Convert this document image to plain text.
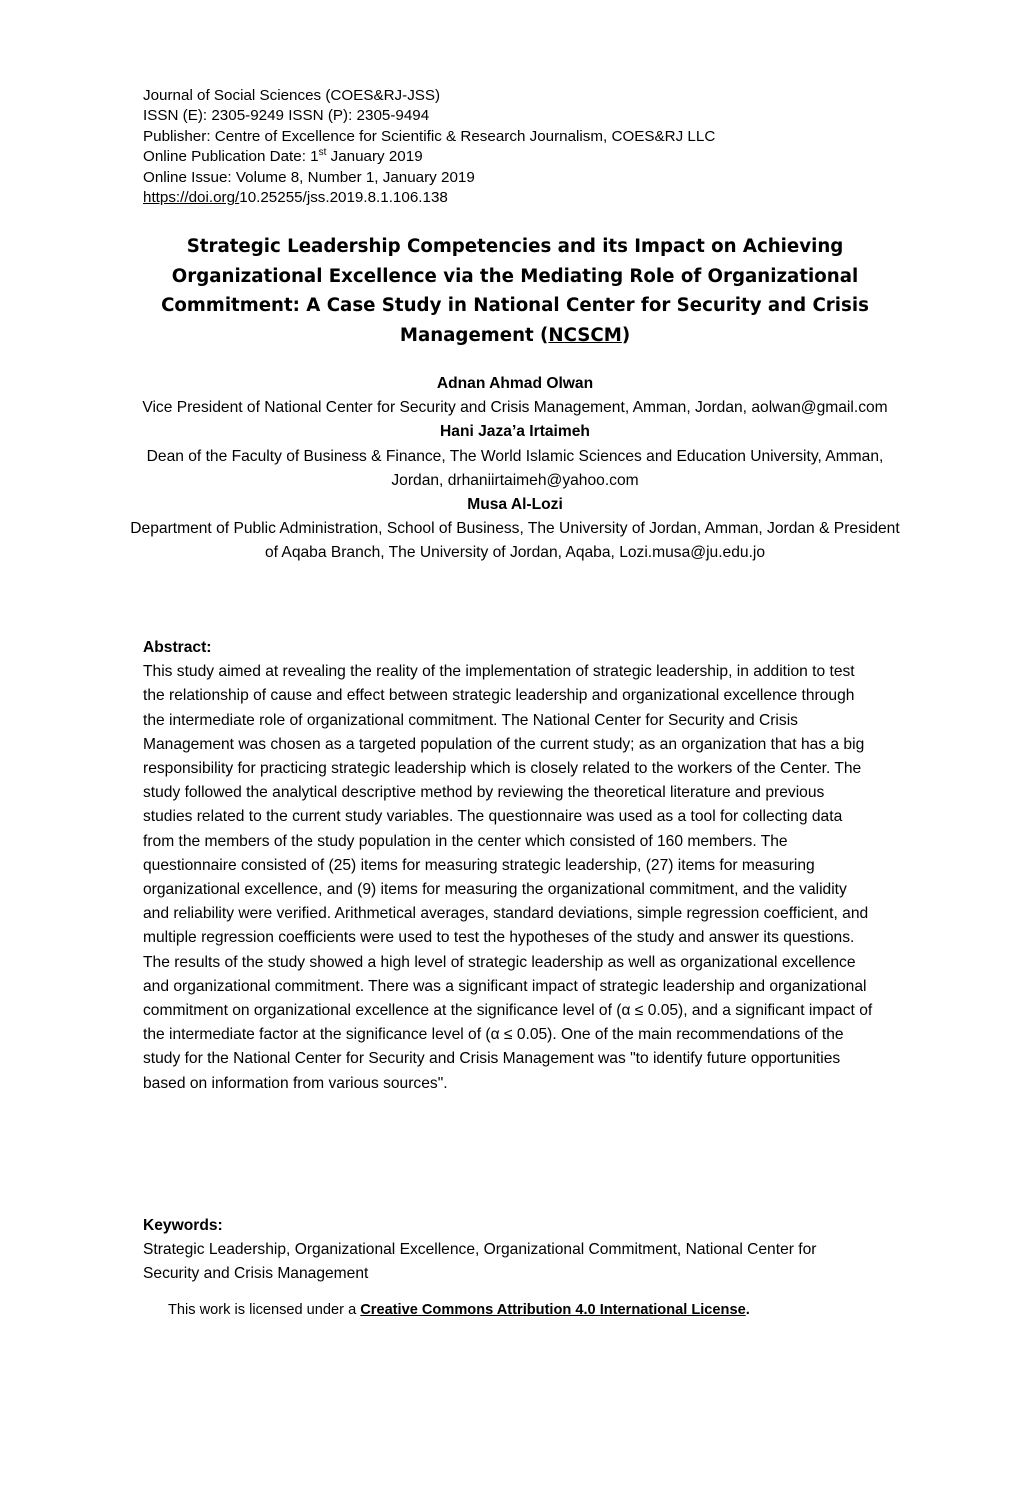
Journal of Social Sciences (COES&RJ-JSS)
ISSN (E): 2305-9249 ISSN (P): 2305-9494
Publisher: Centre of Excellence for Scientific & Research Journalism, COES&RJ LLC
Online Publication Date: 1st January 2019
Online Issue: Volume 8, Number 1, January 2019
https://doi.org/10.25255/jss.2019.8.1.106.138
Strategic Leadership Competencies and its Impact on Achieving Organizational Excellence via the Mediating Role of Organizational Commitment: A Case Study in National Center for Security and Crisis Management (NCSCM)
Adnan Ahmad Olwan
Vice President of National Center for Security and Crisis Management, Amman, Jordan, aolwan@gmail.com
Hani Jaza’a Irtaimeh
Dean of the Faculty of Business & Finance, The World Islamic Sciences and Education University, Amman, Jordan, drhaniirtaimeh@yahoo.com
Musa Al-Lozi
Department of Public Administration, School of Business, The University of Jordan, Amman, Jordan & President of Aqaba Branch, The University of Jordan, Aqaba, Lozi.musa@ju.edu.jo
Abstract:
This study aimed at revealing the reality of the implementation of strategic leadership, in addition to test the relationship of cause and effect between strategic leadership and organizational excellence through the intermediate role of organizational commitment. The National Center for Security and Crisis Management was chosen as a targeted population of the current study; as an organization that has a big responsibility for practicing strategic leadership which is closely related to the workers of the Center. The study followed the analytical descriptive method by reviewing the theoretical literature and previous studies related to the current study variables. The questionnaire was used as a tool for collecting data from the members of the study population in the center which consisted of 160 members. The questionnaire consisted of (25) items for measuring strategic leadership, (27) items for measuring organizational excellence, and (9) items for measuring the organizational commitment, and the validity and reliability were verified. Arithmetical averages, standard deviations, simple regression coefficient, and multiple regression coefficients were used to test the hypotheses of the study and answer its questions. The results of the study showed a high level of strategic leadership as well as organizational excellence and organizational commitment. There was a significant impact of strategic leadership and organizational commitment on organizational excellence at the significance level of (α ≤ 0.05), and a significant impact of the intermediate factor at the significance level of (α ≤ 0.05). One of the main recommendations of the study for the National Center for Security and Crisis Management was "to identify future opportunities based on information from various sources".
Keywords:
Strategic Leadership, Organizational Excellence, Organizational Commitment, National Center for Security and Crisis Management
This work is licensed under a Creative Commons Attribution 4.0 International License.
